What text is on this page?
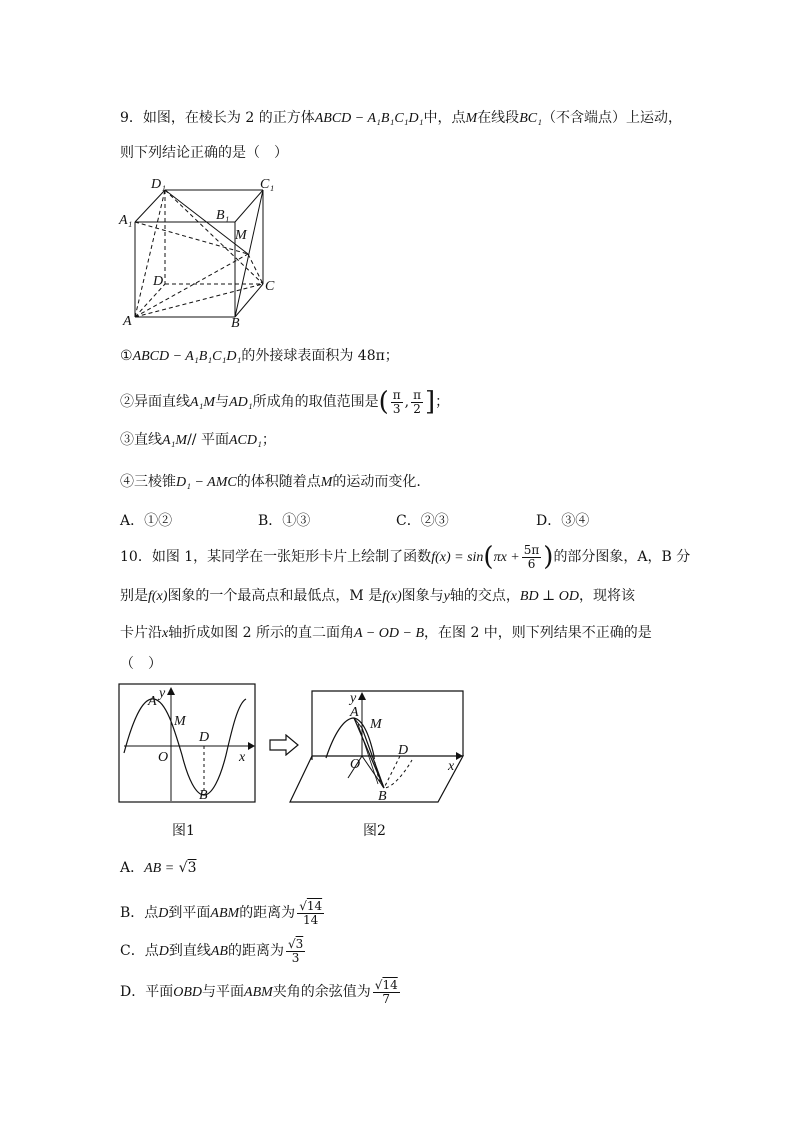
9．如图，在棱长为 2 的正方体ABCD − A₁B₁C₁D₁中，点M在线段BC₁（不含端点）上运动，
则下列结论正确的是（　）
D₁	C₁
A₁	B₁
M
D	C
A	B
①ABCD − A₁B₁C₁D₁的外接球表面积为 48π；
②异面直线A₁M与AD₁所成角的取值范围是( $\frac{\pi}{3}$ , $\frac{\pi}{2}$ ]；
③直线A₁M// 平面ACD₁；
④三棱锥D₁ − AMC的体积随着点M的运动而变化.
A．①②	B．①③	C．②③	D．③④
10．如图 1，某同学在一张矩形卡片上绘制了函数$f(x) = \sin(\pi x + \frac{5\pi}{6}$ )的部分图象，A，B 分
别是f(x)图象的一个最高点和最低点，M 是f(x)图象与y轴的交点，BD ⊥ OD，现将该
卡片沿x轴折成如图 2 所示的直二面角A − OD − B，在图 2 中，则下列结果不正确的是
（　）
A
y
M
D
O	x
B
y
A
M
D
O	x
B
图1	图2
A．AB = √3
B．点D到平面ABM的距离为 $\frac{√14}{14}$
C．点D到直线AB的距离为 $\frac{√3}{3}$
D．平面OBD与平面ABM夹角的余弦值为 $\frac{√14}{7}$
